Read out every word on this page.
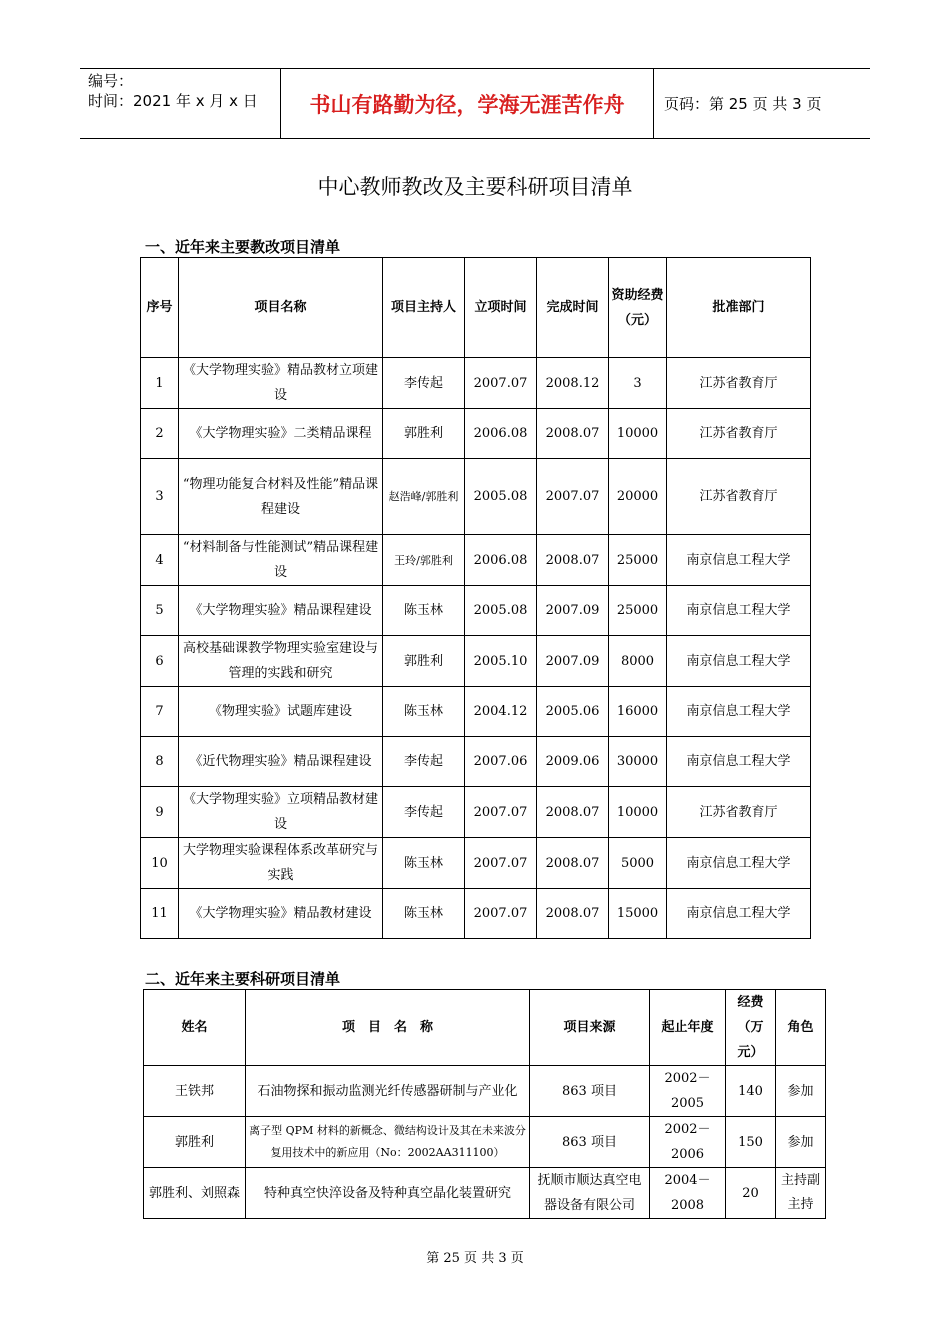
编号：
时间：2021 年 x 月 x 日	书山有路勤为径，学海无涯苦作舟	页码：第 25 页 共 3 页
中心教师教改及主要科研项目清单
一、近年来主要教改项目清单
序号	项目名称	项目主持人	立项时间	完成时间	资助经费（元）	批准部门
1	《大学物理实验》精品教材立项建设	李传起	2007.07	2008.12	3	江苏省教育厅
2	《大学物理实验》二类精品课程	郭胜利	2006.08	2008.07	10000	江苏省教育厅
3	“物理功能复合材料及性能”精品课程建设	赵浩峰/郭胜利	2005.08	2007.07	20000	江苏省教育厅
4	“材料制备与性能测试”精品课程建设	王玲/郭胜利	2006.08	2008.07	25000	南京信息工程大学
5	《大学物理实验》精品课程建设	陈玉林	2005.08	2007.09	25000	南京信息工程大学
6	高校基础课教学物理实验室建设与管理的实践和研究	郭胜利	2005.10	2007.09	8000	南京信息工程大学
7	《物理实验》试题库建设	陈玉林	2004.12	2005.06	16000	南京信息工程大学
8	《近代物理实验》精品课程建设	李传起	2007.06	2009.06	30000	南京信息工程大学
9	《大学物理实验》立项精品教材建设	李传起	2007.07	2008.07	10000	江苏省教育厅
10	大学物理实验课程体系改革研究与实践	陈玉林	2007.07	2008.07	5000	南京信息工程大学
11	《大学物理实验》精品教材建设	陈玉林	2007.07	2008.07	15000	南京信息工程大学
二、近年来主要科研项目清单
姓名	项　目　名　称	项目来源	起止年度	经费（万元）	角色
王铁邦	石油物探和振动监测光纤传感器研制与产业化	863 项目	2002－2005	140	参加
郭胜利	离子型 QPM 材料的新概念、微结构设计及其在未来波分复用技术中的新应用（No：2002AA311100）	863 项目	2002－2006	150	参加
郭胜利、刘照森	特种真空快淬设备及特种真空晶化装置研究	抚顺市顺达真空电器设备有限公司	2004－2008	20	主持副主持
第 25 页 共 3 页
